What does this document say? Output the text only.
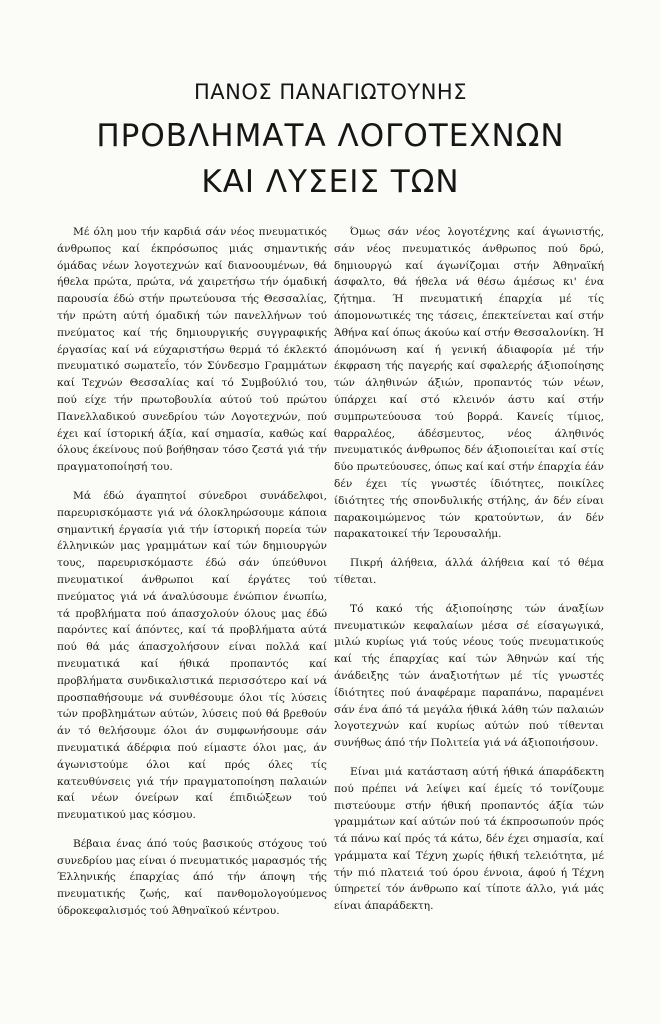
ΠΑΝΟΣ ΠΑΝΑΓΙΩΤΟΥΝΗΣ
ΠΡΟΒΛΗΜΑΤΑ ΛΟΓΟΤΕΧΝΩΝ
ΚΑΙ ΛΥΣΕΙΣ ΤΩΝ

Μέ όλη μου τήν καρδιά σάν νέος πνευματικός άνθρωπος καί έκπρόσωπος μιάς σημαντικής όμάδας νέων λογοτεχνών καί διανοουμένων, θά ήθελα πρώτα, πρώτα, νά χαιρετήσω τήν όμαδική παρουσία έδώ στήν πρωτεύουσα τής Θεσσαλίας, τήν πρώτη αύτή όμαδική τών πανελλήνων τού πνεύματος καί τής δημιουργικής συγγραφικής έργασίας καί νά εύχαριστήσω θερμά τό έκλεκτό πνευματικό σωματεΐο, τόν Σύνδεσμο Γραμμάτων καί Τεχνών Θεσσαλίας καί τό Συμβούλιό του, πού είχε τήν πρωτοβουλία αύτού τού πρώτου Πανελλαδικού συνεδρίου τών Λογοτεχνών, πού έχει καί ίστορική άξία, καί σημασία, καθώς καί όλους έκείνους πού βοήθησαν τόσο ζεστά γιά τήν πραγματοποίησή του.

Μά έδώ άγαπητοί σύνεδροι συνάδελφοι, παρευρισκόμαστε γιά νά όλοκληρώσουμε κάποια σημαντική έργασία γιά τήν ίστορική πορεία τών έλληνικών μας γραμμάτων καί τών δημιουργών τους, παρευρισκόμαστε έδώ σάν ύπεύθυνοι πνευματικοί άνθρωποι καί έργάτες τού πνεύματος γιά νά άναλύσουμε ένώπιον ένωπίω, τά προβλήματα πού άπασχολούν όλους μας έδώ παρόντες καί άπόντες, καί τά προβλήματα αύτά πού θά μάς άπασχολήσουν είναι πολλά καί πνευματικά καί ήθικά προπαντός καί προβλήματα συνδικαλιστικά περισσότερο καί νά προσπαθήσουμε νά συνθέσουμε όλοι τίς λύσεις τών προβλημάτων αύτών, λύσεις πού θά βρεθούν άν τό θελήσουμε όλοι άν συμφωνήσουμε σάν πνευματικά άδέρφια πού είμαστε όλοι μας, άν άγωνιστούμε όλοι καί πρός όλες τίς κατευθύνσεις γιά τήν πραγματοποίηση παλαιών καί νέων όνείρων καί έπιδιώξεων τού πνευματικού μας κόσμου.

Βέβαια ένας άπό τούς βασικούς στόχους τού συνεδρίου μας είναι ό πνευματικός μαρασμός τής Έλληνικής έπαρχίας άπό τήν άποψη τής πνευματικής ζωής, καί πανθομολογούμενος ύδροκεφαλισμός τού Άθηναϊκού κέντρου.

Όμως σάν νέος λογοτέχνης καί άγωνιστής, σάν νέος πνευματικός άνθρωπος πού δρώ, δημιουργώ καί άγωνίζομαι στήν Άθηναϊκή άσφαλτο, θά ήθελα νά θέσω άμέσως κι' ένα ζήτημα. Ή πνευματική έπαρχία μέ τίς άπομονωτικές της τάσεις, έπεκτείνεται καί στήν Άθήνα καί όπως άκούω καί στήν Θεσσαλονίκη. Ή άπομόνωση καί ή γενική άδιαφορία μέ τήν έκφραση τής παγερής καί σφαλερής άξιοποίησης τών άληθινών άξιών, προπαντός τών νέων, ύπάρχει καί στό κλεινόν άστυ καί στήν συμπρωτεύουσα τού βορρά. Κανείς τίμιος, θαρραλέος, άδέσμευτος, νέος άληθινός πνευματικός άνθρωπος δέν άξιοποιείται καί στίς δύο πρωτεύουσες, όπως καί καί στήν έπαρχία έάν δέν έχει τίς γνωστές ίδιότητες, ποικίλες ίδιότητες τής σπονδυλικής στήλης, άν δέν είναι παρακοιμώμενος τών κρατούντων, άν δέν παρακατοικεί τήν Ίερουσαλήμ.

Πικρή άλήθεια, άλλά άλήθεια καί τό θέμα τίθεται.

Τό κακό τής άξιοποίησης τών άναξίων πνευματικών κεφαλαίων μέσα σέ είσαγωγικά, μιλώ κυρίως γιά τούς νέους τούς πνευματικούς καί τής έπαρχίας καί τών Άθηνών καί τής άνάδειξης τών άναξιοτήτων μέ τίς γνωστές ίδιότητες πού άναφέραμε παραπάνω, παραμένει σάν ένα άπό τά μεγάλα ήθικά λάθη τών παλαιών λογοτεχνών καί κυρίως αύτών πού τίθενται συνήθως άπό τήν Πολιτεία γιά νά άξιοποιήσουν.

Είναι μιά κατάσταση αύτή ήθικά άπαράδεκτη πού πρέπει νά λείψει καί έμείς τό τονίζουμε πιστεύουμε στήν ήθική προπαντός άξία τών γραμμάτων καί αύτών πού τά έκπροσωπούν πρός τά πάνω καί πρός τά κάτω, δέν έχει σημασία, καί γράμματα καί Τέχνη χωρίς ήθική τελειότητα, μέ τήν πιό πλατειά τού όρου έννοια, άφού ή Τέχνη ύπηρετεί τόν άνθρωπο καί τίποτε άλλο, γιά μάς είναι άπαράδεκτη.
